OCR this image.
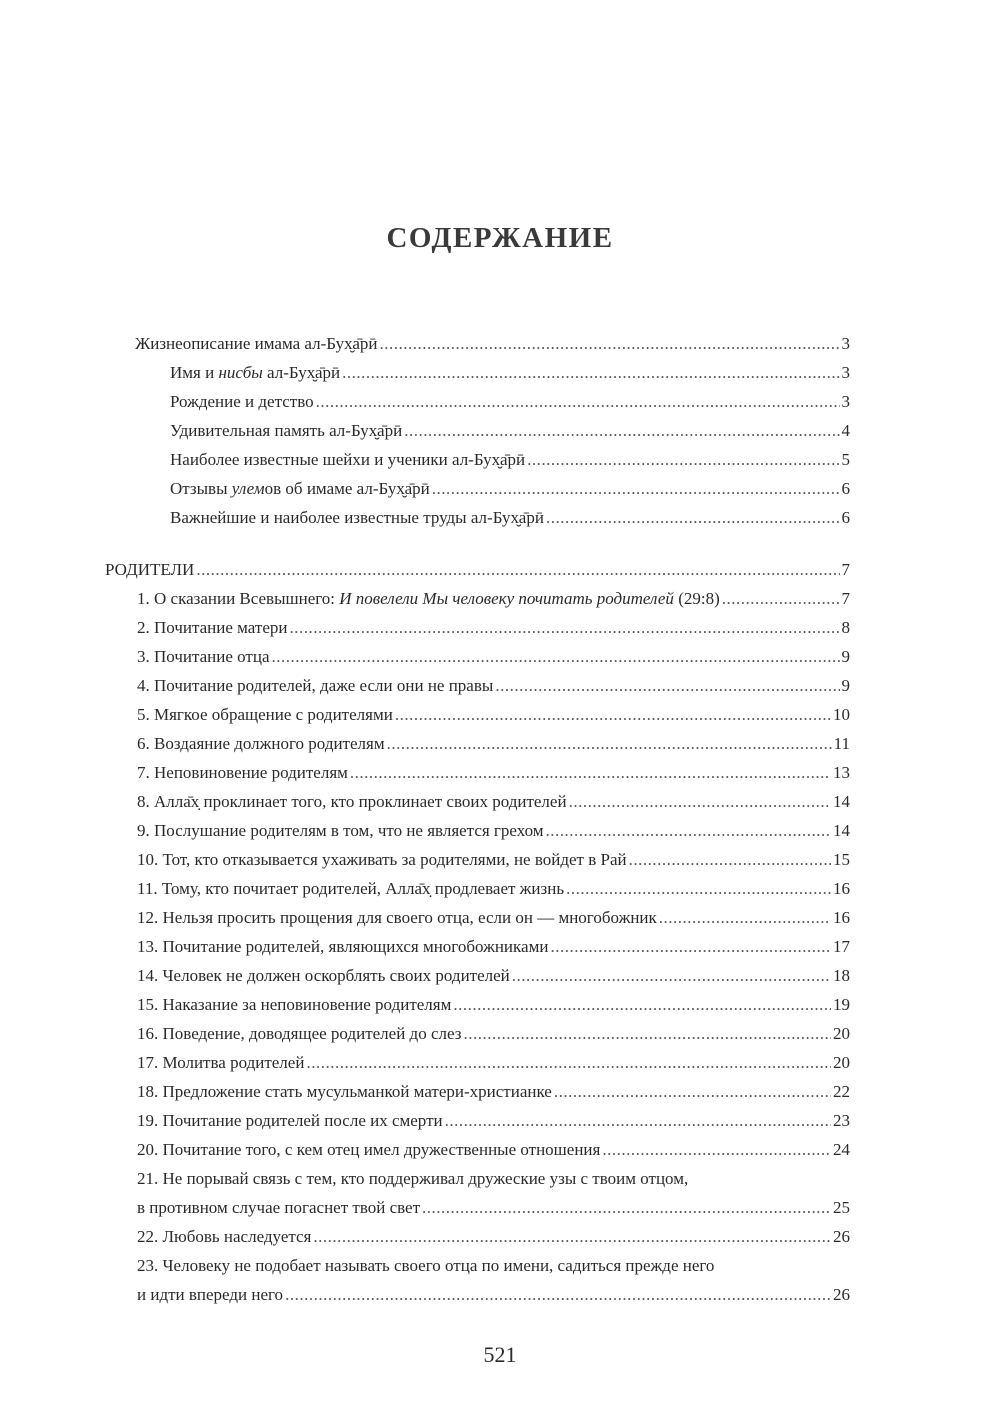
СОДЕРЖАНИЕ
Жизнеописание имама ал-Бух̮а̄рӣ .....	3
Имя и нисбы ал-Бух̮а̄рӣ .....	3
Рождение и детство .....	3
Удивительная память ал-Бух̮а̄рӣ .....	4
Наиболее известные шейхи и ученики ал-Бух̮а̄рӣ .....	5
Отзывы улемов об имаме ал-Бух̮а̄рӣ .....	6
Важнейшие и наиболее известные труды ал-Бух̮а̄рӣ .....	6
РОДИТЕЛИ .....	7
1. О сказании Всевышнего: И повелели Мы человеку почитать родителей (29:8) .....	7
2. Почитание матери .....	8
3. Почитание отца .....	9
4. Почитание родителей, даже если они не правы .....	9
5. Мягкое обращение с родителями .....	10
6. Воздаяние должного родителям .....	11
7. Неповиновение родителям .....	13
8. Алла̄х̣ проклинает того, кто проклинает своих родителей .....	14
9. Послушание родителям в том, что не является грехом .....	14
10. Тот, кто отказывается ухаживать за родителями, не войдет в Рай .....	15
11. Тому, кто почитает родителей, Алла̄х̣ продлевает жизнь .....	16
12. Нельзя просить прощения для своего отца, если он — многобожник .....	16
13. Почитание родителей, являющихся многобожниками .....	17
14. Человек не должен оскорблять своих родителей .....	18
15. Наказание за неповиновение родителям .....	19
16. Поведение, доводящее родителей до слез .....	20
17. Молитва родителей .....	20
18. Предложение стать мусульманкой матери-христианке .....	22
19. Почитание родителей после их смерти .....	23
20. Почитание того, с кем отец имел дружественные отношения .....	24
21. Не порывай связь с тем, кто поддерживал дружеские узы с твоим отцом,
в противном случае погаснет твой свет .....	25
22. Любовь наследуется .....	26
23. Человеку не подобает называть своего отца по имени, садиться прежде него
и идти впереди него .....	26
521
